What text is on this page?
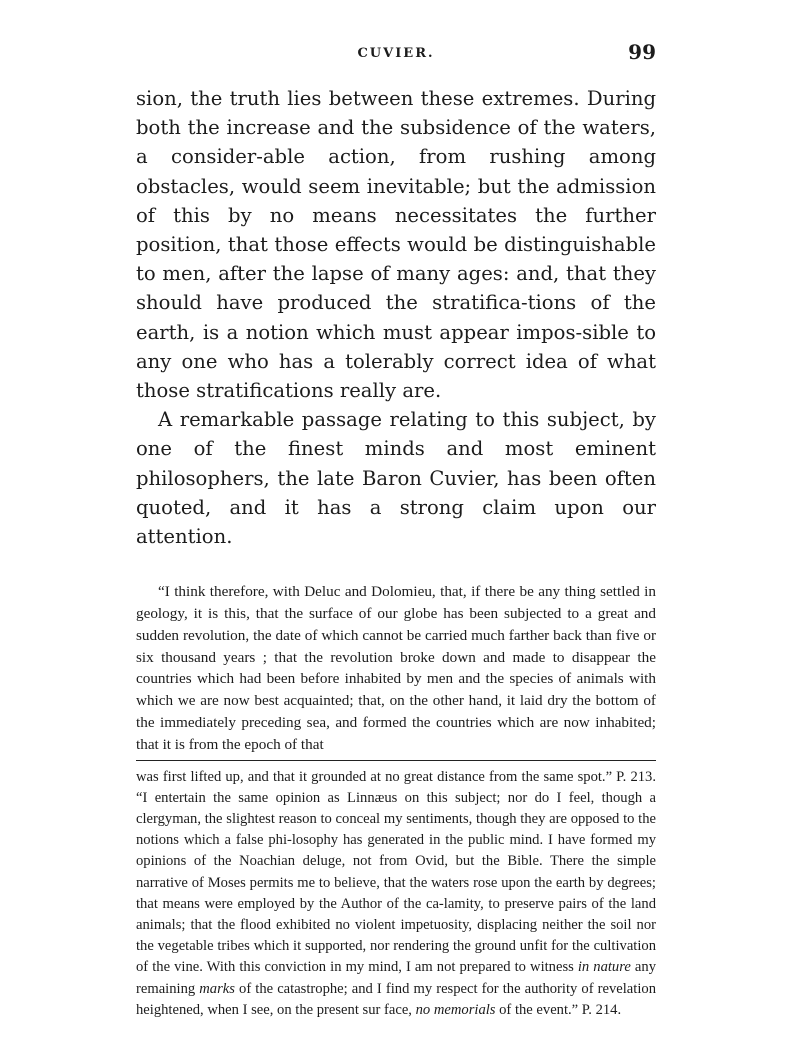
CUVIER.	99

sion, the truth lies between these extremes. During both the increase and the subsidence of the waters, a consider-able action, from rushing among obstacles, would seem inevitable; but the admission of this by no means necessitates the further position, that those effects would be distinguishable to men, after the lapse of many ages: and, that they should have produced the stratifica-tions of the earth, is a notion which must appear impos-sible to any one who has a tolerably correct idea of what those stratifications really are.

A remarkable passage relating to this subject, by one of the finest minds and most eminent philosophers, the late Baron Cuvier, has been often quoted, and it has a strong claim upon our attention.

“I think therefore, with Deluc and Dolomieu, that, if there be any thing settled in geology, it is this, that the surface of our globe has been subjected to a great and sudden revolution, the date of which cannot be carried much farther back than five or six thousand years ; that the revolution broke down and made to disappear the countries which had been before inhabited by men and the species of animals with which we are now best acquainted; that, on the other hand, it laid dry the bottom of the immediately preceding sea, and formed the countries which are now inhabited; that it is from the epoch of that

was first lifted up, and that it grounded at no great distance from the same spot.” P. 213. “I entertain the same opinion as Linnæus on this subject; nor do I feel, though a clergyman, the slightest reason to conceal my sentiments, though they are opposed to the notions which a false phi-losophy has generated in the public mind. I have formed my opinions of the Noachian deluge, not from Ovid, but the Bible. There the simple narrative of Moses permits me to believe, that the waters rose upon the earth by degrees; that means were employed by the Author of the ca-lamity, to preserve pairs of the land animals; that the flood exhibited no violent impetuosity, displacing neither the soil nor the vegetable tribes which it supported, nor rendering the ground unfit for the cultivation of the vine. With this conviction in my mind, I am not prepared to witness in nature any remaining marks of the catastrophe; and I find my respect for the authority of revelation heightened, when I see, on the present sur face, no memorials of the event.” P. 214.
